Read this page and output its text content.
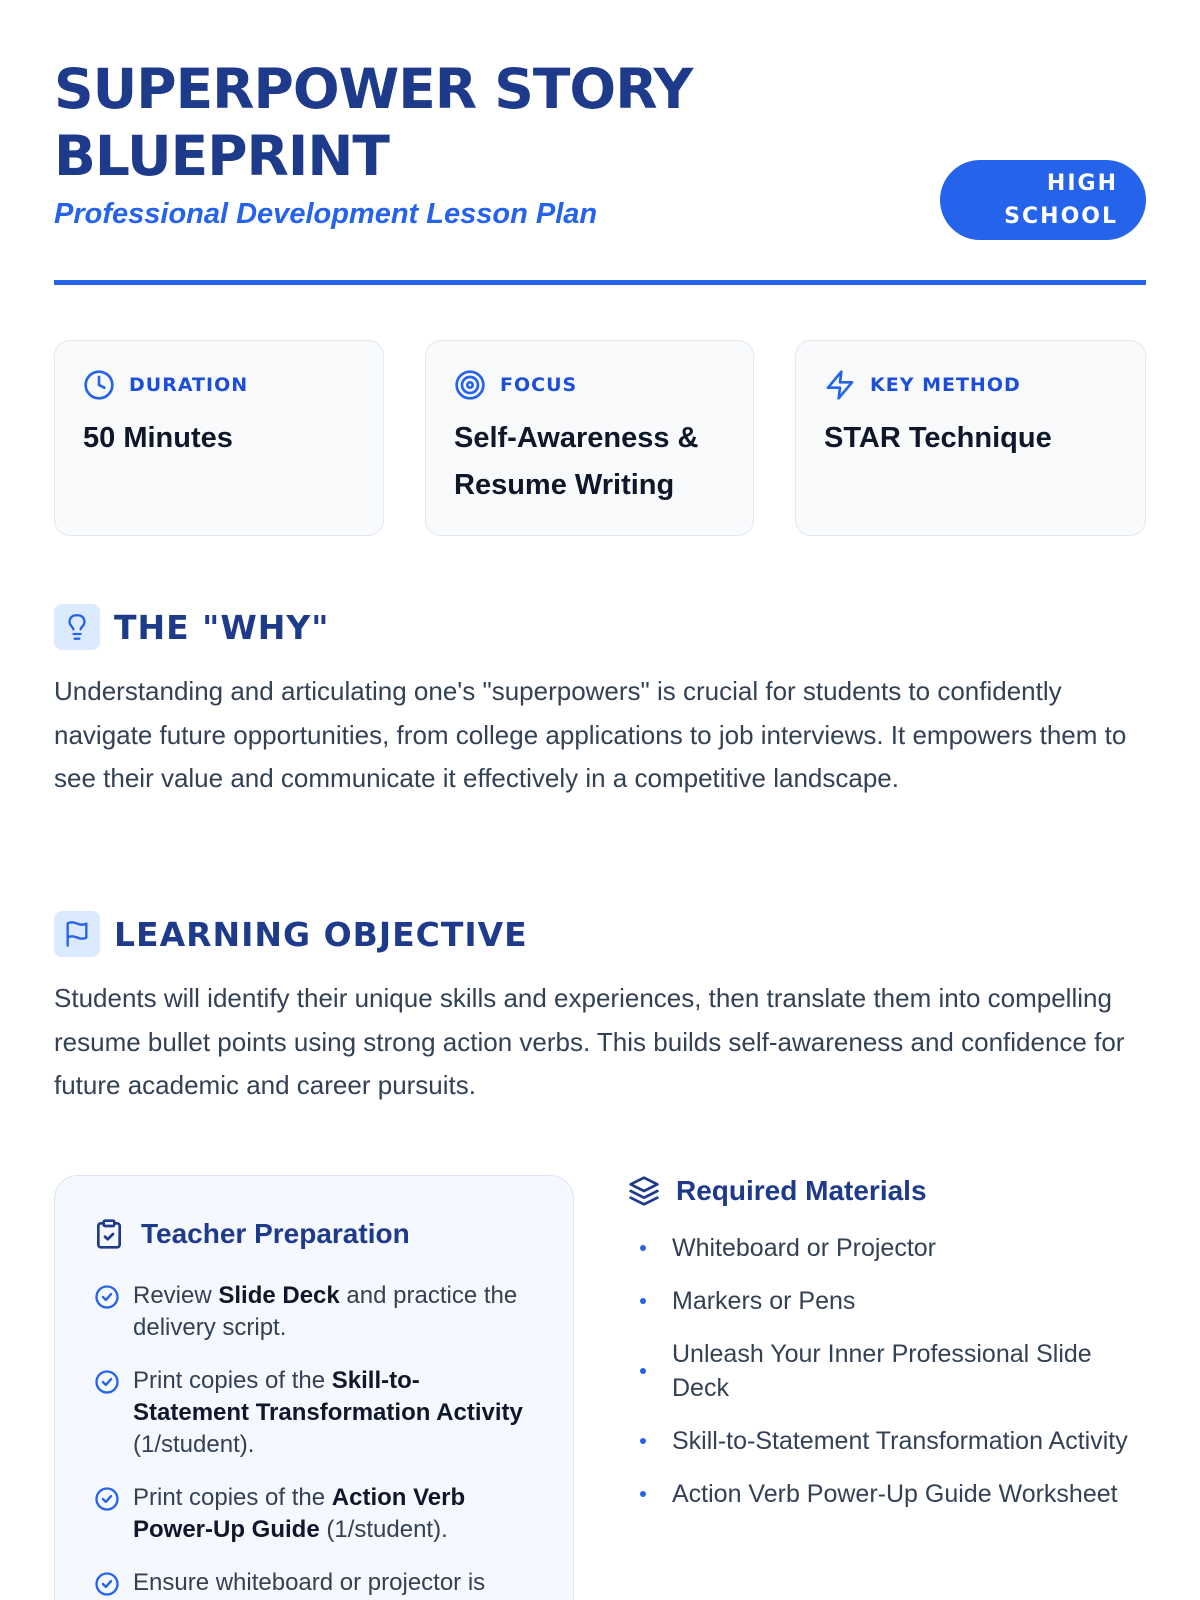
SUPERPOWER STORY BLUEPRINT
Professional Development Lesson Plan
HIGH SCHOOL
DURATION
50 Minutes
FOCUS
Self-Awareness & Resume Writing
KEY METHOD
STAR Technique
THE "WHY"

Understanding and articulating one's "superpowers" is crucial for students to confidently navigate future opportunities, from college applications to job interviews. It empowers them to see their value and communicate it effectively in a competitive landscape.

LEARNING OBJECTIVE

Students will identify their unique skills and experiences, then translate them into compelling resume bullet points using strong action verbs. This builds self-awareness and confidence for future academic and career pursuits.

Teacher Preparation
Review Slide Deck and practice the delivery script.
Print copies of the Skill-to-Statement Transformation Activity (1/student).
Print copies of the Action Verb Power-Up Guide (1/student).
Ensure whiteboard or projector is
Required Materials
Whiteboard or Projector
Markers or Pens
Unleash Your Inner Professional Slide Deck
Skill-to-Statement Transformation Activity
Action Verb Power-Up Guide Worksheet
